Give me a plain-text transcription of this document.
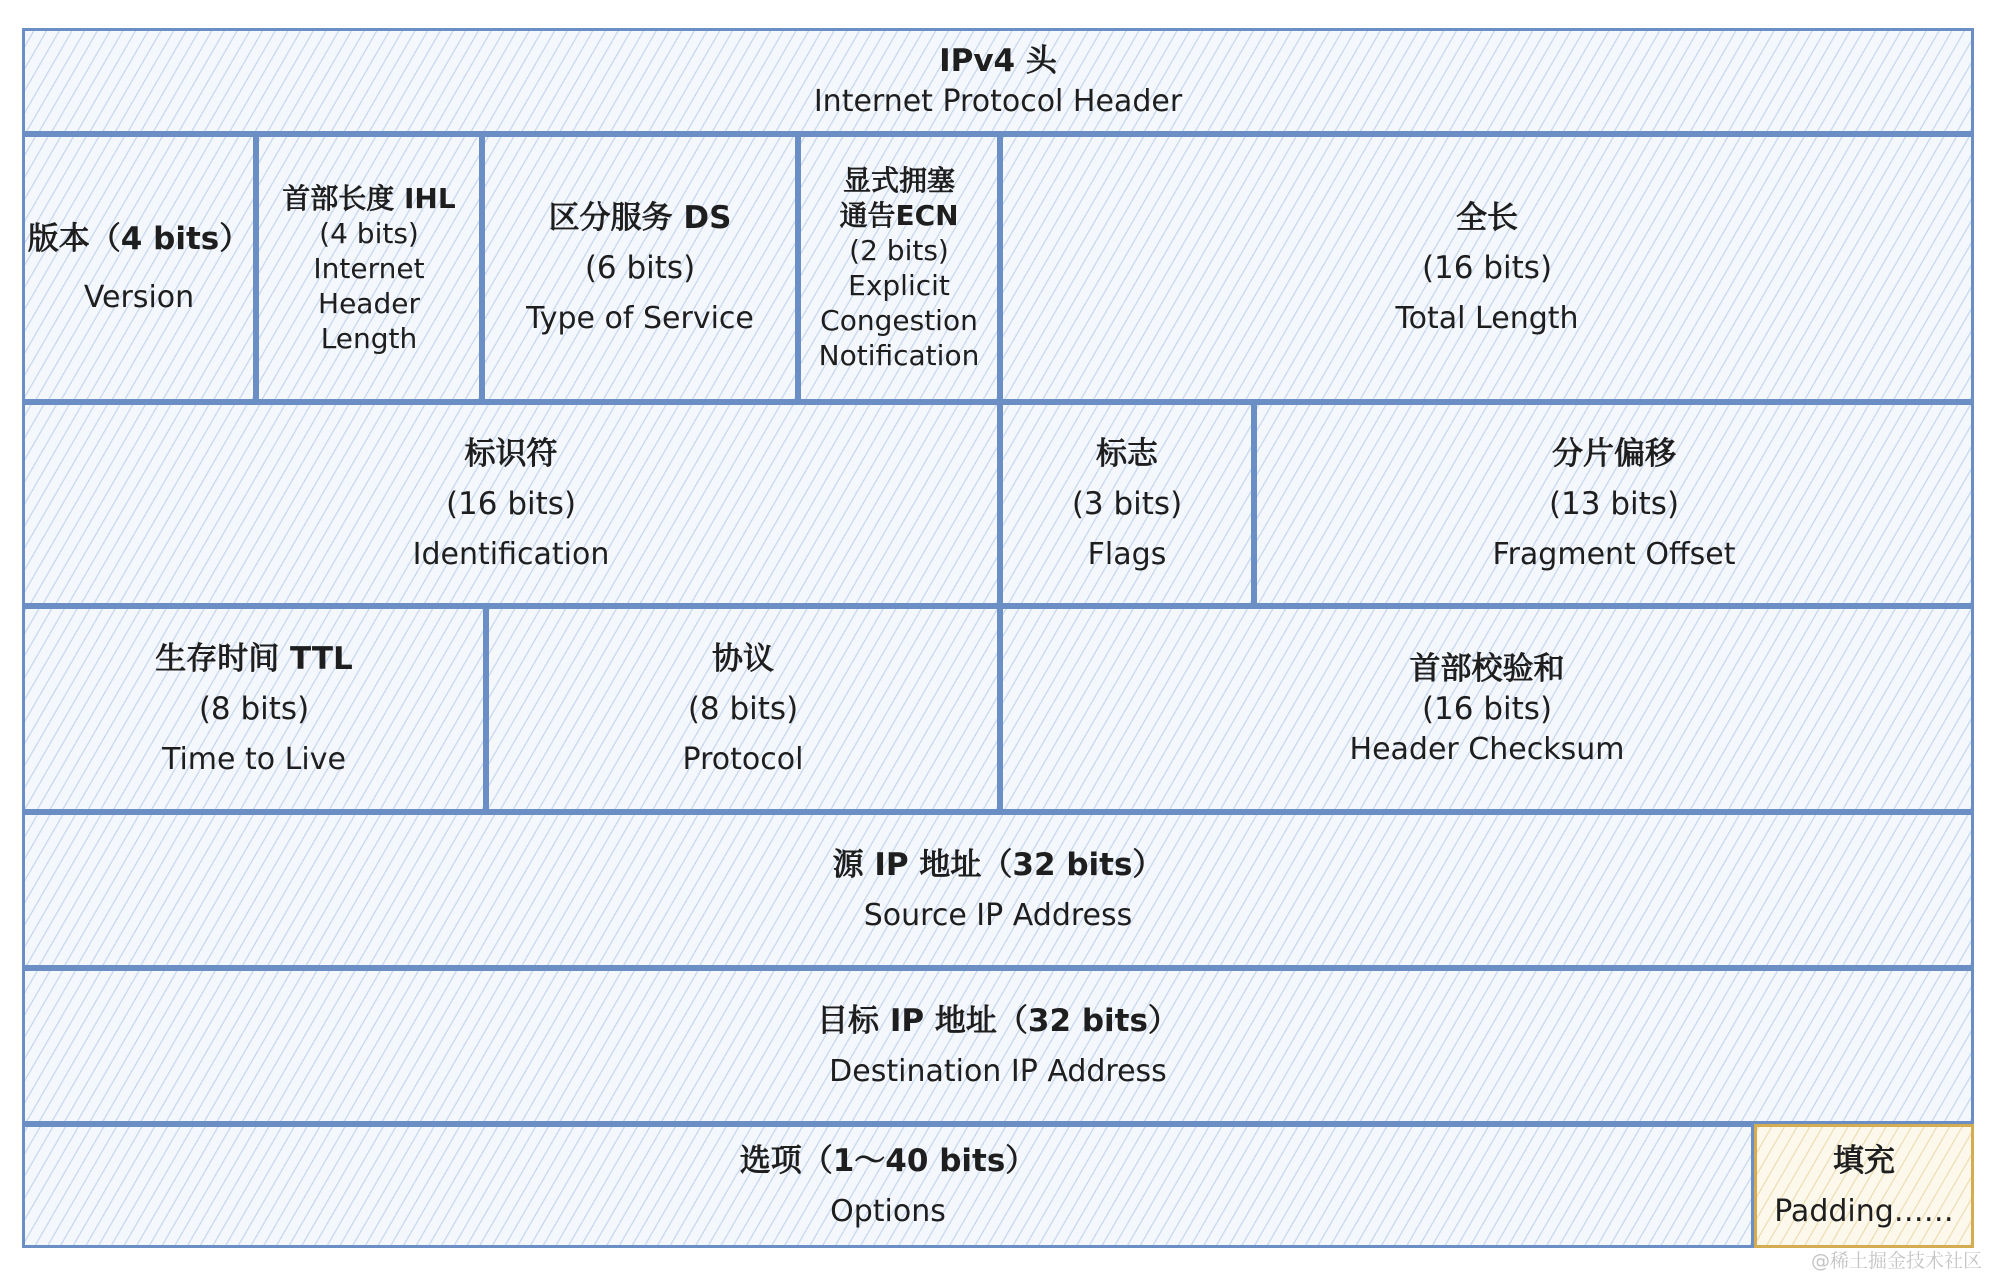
IPv4 头
Internet Protocol Header
版本（4 bits）
Version
首部长度 IHL
(4 bits)
Internet
Header
Length
区分服务 DS
(6 bits)
Type of Service
显式拥塞
通告ECN
(2 bits)
Explicit
Congestion
Notification
全长
(16 bits)
Total Length
标识符
(16 bits)
Identification
标志
(3 bits)
Flags
分片偏移
(13 bits)
Fragment Offset
生存时间 TTL
(8 bits)
Time to Live
协议
(8 bits)
Protocol
首部校验和
(16 bits)
Header Checksum
源 IP 地址（32 bits）
Source IP Address
目标 IP 地址（32 bits）
Destination IP Address
选项（1～40 bits）
Options
填充
Padding……
@稀土掘金技术社区
